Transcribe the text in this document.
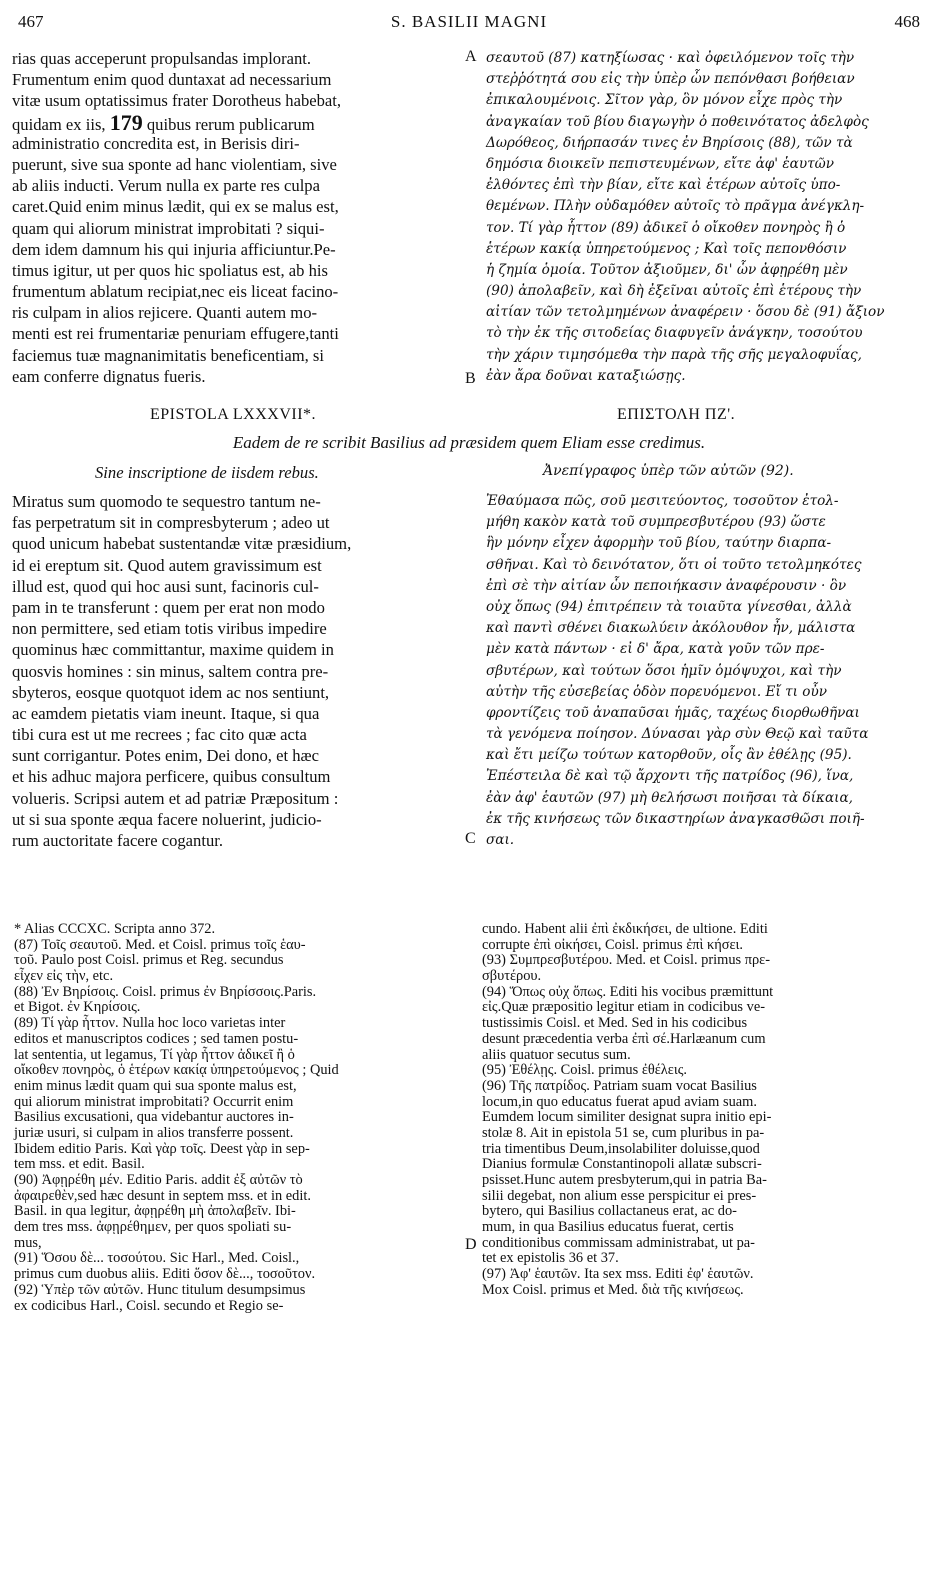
467	S. BASILII MAGNI	468
rias quas acceperunt propulsandas implorant.
Frumentum enim quod duntaxat ad necessarium
vitæ usum optatissimus frater Dorotheus habebat,
quidam ex iis, 179 quibus rerum publicarum
administratio concredita est, in Berisis diri-
puerunt, sive sua sponte ad hanc violentiam, sive
ab aliis inducti. Verum nulla ex parte res culpa
caret.Quid enim minus lædit, qui ex se malus est,
quam qui aliorum ministrat improbitati ? siqui-
dem idem damnum his qui injuria afficiuntur.Pe-
timus igitur, ut per quos hic spoliatus est, ab his
frumentum ablatum recipiat,nec eis liceat facino-
ris culpam in alios rejicere. Quanti autem mo-
menti est rei frumentariæ penuriam effugere,tanti
faciemus tuæ magnanimitatis beneficentiam, si
eam conferre dignatus fueris.
A σεαυτοῦ (87) κατηξίωσας · καὶ ὀφειλόμενον τοῖς τὴν
στεῤῥότητά σου εἰς τὴν ὑπὲρ ὧν πεπόνθασι βοήθειαν
ἐπικαλουμένοις. Σῖτον γὰρ, ὃν μόνον εἶχε πρὸς τὴν
ἀναγκαίαν τοῦ βίου διαγωγὴν ὁ ποθεινότατος ἀδελφὸς
Δωρόθεος, διήρπασάν τινες ἐν Βηρίσοις (88), τῶν τὰ
δημόσια διοικεῖν πεπιστευμένων, εἴτε ἀφ' ἑαυτῶν
ἐλθόντες ἐπὶ τὴν βίαν, εἴτε καὶ ἑτέρων αὐτοῖς ὑπο-
θεμένων. Πλὴν οὐδαμόθεν αὐτοῖς τὸ πρᾶγμα ἀνέγκλη-
τον. Τί γὰρ ἧττον (89) ἀδικεῖ ὁ οἴκοθεν πονηρὸς ἢ ὁ
ἑτέρων κακίᾳ ὑπηρετούμενος ; Καὶ τοῖς πεπονθόσιν
ἡ ζημία ὁμοία. Τοῦτον ἀξιοῦμεν, δι' ὧν ἀφῃρέθη μὲν
(90) ἀπολαβεῖν, καὶ δὴ ἐξεῖναι αὐτοῖς ἐπὶ ἑτέρους τὴν
αἰτίαν τῶν τετολμημένων ἀναφέρειν · ὅσου δὲ (91) ἄξιον
τὸ τὴν ἐκ τῆς σιτοδείας διαφυγεῖν ἀνάγκην, τοσούτου
τὴν χάριν τιμησόμεθα τὴν παρὰ τῆς σῆς μεγαλοφυΐας,
ἐὰν ἄρα δοῦναι καταξιώσῃς.
B
EPISTOLA LXXXVII*.	ΕΠΙΣΤΟΛΗ ΠΖ'.
Eadem de re scribit Basilius ad præsidem quem Eliam esse credimus.
Sine inscriptione de iisdem rebus.	Ἀνεπίγραφος ὑπὲρ τῶν αὐτῶν (92).
Miratus sum quomodo te sequestro tantum ne-
fas perpetratum sit in compresbyterum ; adeo ut
quod unicum habebat sustentandæ vitæ præsidium,
id ei ereptum sit. Quod autem gravissimum est
illud est, quod qui hoc ausi sunt, facinoris cul-
pam in te transferunt : quem per erat non modo
non permittere, sed etiam totis viribus impedire
quominus hæc committantur, maxime quidem in
quosvis homines : sin minus, saltem contra pre-
sbyteros, eosque quotquot idem ac nos sentiunt,
ac eamdem pietatis viam ineunt. Itaque, si qua
tibi cura est ut me recrees ; fac cito quæ acta
sunt corrigantur. Potes enim, Dei dono, et hæc
et his adhuc majora perficere, quibus consultum
volueris. Scripsi autem et ad patriæ Præpositum :
ut si sua sponte æqua facere noluerint, judicio-
rum auctoritate facere cogantur.
Ἐθαύμασα πῶς, σοῦ μεσιτεύοντος, τοσοῦτον ἐτολ-
μήθη κακὸν κατὰ τοῦ συμπρεσβυτέρου (93) ὥστε
ἣν μόνην εἶχεν ἀφορμὴν τοῦ βίου, ταύτην διαρπα-
σθῆναι. Καὶ τὸ δεινότατον, ὅτι οἱ τοῦτο τετολμηκότες
ἐπὶ σὲ τὴν αἰτίαν ὧν πεποιήκασιν ἀναφέρουσιν · ὃν
οὐχ ὅπως (94) ἐπιτρέπειν τὰ τοιαῦτα γίνεσθαι, ἀλλὰ
καὶ παντὶ σθένει διακωλύειν ἀκόλουθον ἦν, μάλιστα
μὲν κατὰ πάντων · εἰ δ' ἄρα, κατὰ γοῦν τῶν πρε-
σβυτέρων, καὶ τούτων ὅσοι ἡμῖν ὁμόψυχοι, καὶ τὴν
αὐτὴν τῆς εὐσεβείας ὁδὸν πορευόμενοι. Εἴ τι οὖν
φροντίζεις τοῦ ἀναπαῦσαι ἡμᾶς, ταχέως διορθωθῆναι
τὰ γενόμενα ποίησον. Δύνασαι γὰρ σὺν Θεῷ καὶ ταῦτα
καὶ ἔτι μείζω τούτων κατορθοῦν, οἷς ἂν ἐθέλῃς (95).
Ἐπέστειλα δὲ καὶ τῷ ἄρχοντι τῆς πατρίδος (96), ἵνα,
ἐὰν ἀφ' ἑαυτῶν (97) μὴ θελήσωσι ποιῆσαι τὰ δίκαια,
ἐκ τῆς κινήσεως τῶν δικαστηρίων ἀναγκασθῶσι ποιῆ-
σαι.
C
* Alias CCCXC. Scripta anno 372.
(87) Τοῖς σεαυτοῦ. Med. et Coisl. primus τοῖς ἑαυ-
τοῦ. Paulo post Coisl. primus et Reg. secundus
εἶχεν εἰς τὴν, etc.
(88) Ἐν Βηρίσοις. Coisl. primus ἐν Βηρίσσοις.Paris.
et Bigot. ἐν Κηρίσοις.
(89) Τί γὰρ ἧττον. Nulla hoc loco varietas inter
editos et manuscriptos codices ; sed tamen postu-
lat sententia, ut legamus, Τί γὰρ ἧττον ἀδικεῖ ἢ ὁ
οἴκοθεν πονηρὸς, ὁ ἑτέρων κακίᾳ ὑπηρετούμενος ; Quid
enim minus lædit quam qui sua sponte malus est,
qui aliorum ministrat improbitati? Occurrit enim
Basilius excusationi, qua videbantur auctores in-
juriæ usuri, si culpam in alios transferre possent.
Ibidem editio Paris. Καὶ γὰρ τοῖς. Deest γὰρ in sep-
tem mss. et edit. Basil.
(90) Ἀφῃρέθη μέν. Editio Paris. addit ἐξ αὐτῶν τὸ
ἀφαιρεθὲν,sed hæc desunt in septem mss. et in edit.
Basil. in qua legitur, ἀφῃρέθη μὴ ἀπολαβεῖν. Ibi-
dem tres mss. ἀφῃρέθημεν, per quos spoliati su-
mus,
(91) Ὅσου δὲ... τοσούτου. Sic Harl., Med. Coisl.,
primus cum duobus aliis. Editi ὅσον δὲ..., τοσοῦτον.
(92) Ὑπὲρ τῶν αὐτῶν. Hunc titulum desumpsimus
ex codicibus Harl., Coisl. secundo et Regio se-
cundo. Habent alii ἐπὶ ἐκδικήσει, de ultione. Editi
corrupte ἐπὶ οἰκήσει, Coisl. primus ἐπὶ κήσει.
(93) Συμπρεσβυτέρου. Med. et Coisl. primus πρε-
σβυτέρου.
(94) Ὅπως οὐχ ὅπως. Editi his vocibus præmittunt
εἰς.Quæ præpositio legitur etiam in codicibus ve-
tustissimis Coisl. et Med. Sed in his codicibus
desunt præcedentia verba ἐπὶ σέ.Harlæanum cum
aliis quatuor secutus sum.
(95) Ἐθέλῃς. Coisl. primus ἐθέλεις.
(96) Τῆς πατρίδος. Patriam suam vocat Basilius
locum,in quo educatus fuerat apud aviam suam.
Eumdem locum similiter designat supra initio epi-
stolæ 8. Ait in epistola 51 se, cum pluribus in pa-
tria timentibus Deum,insolabiliter doluisse,quod
Dianius formulæ Constantinopoli allatæ subscri-
psisset.Hunc autem presbyterum,qui in patria Ba-
silii degebat, non alium esse perspicitur ei pres-
bytero, qui Basilius collactaneus erat, ac do-
mum, in qua Basilius educatus fuerat, certis
conditionibus commissam administrabat, ut pa-
tet ex epistolis 36 et 37.
(97) Ἀφ' ἑαυτῶν. Ita sex mss. Editi ἐφ' ἑαυτῶν.
Mox Coisl. primus et Med. διὰ τῆς κινήσεως.
D
